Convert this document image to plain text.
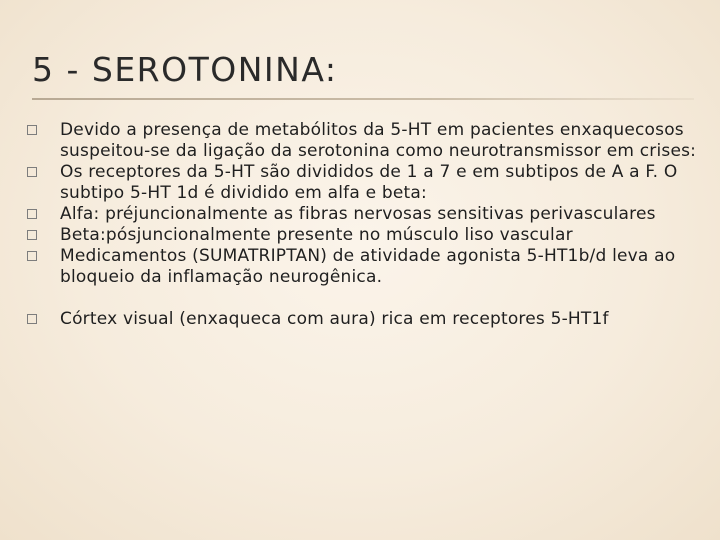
5 - SEROTONINA:
Devido a presença de metabólitos da 5-HT em pacientes enxaquecosos suspeitou-se da ligação da serotonina como neurotransmissor em crises:
Os receptores da 5-HT são divididos de 1 a 7 e em subtipos de A a F. O subtipo 5-HT 1d é dividido em alfa e beta:
Alfa: préjuncionalmente as fibras nervosas sensitivas perivasculares
Beta:pósjuncionalmente presente no músculo liso vascular
Medicamentos (SUMATRIPTAN) de atividade agonista 5-HT1b/d leva ao bloqueio da inflamação neurogênica.
Córtex visual (enxaqueca com aura) rica em receptores 5-HT1f
